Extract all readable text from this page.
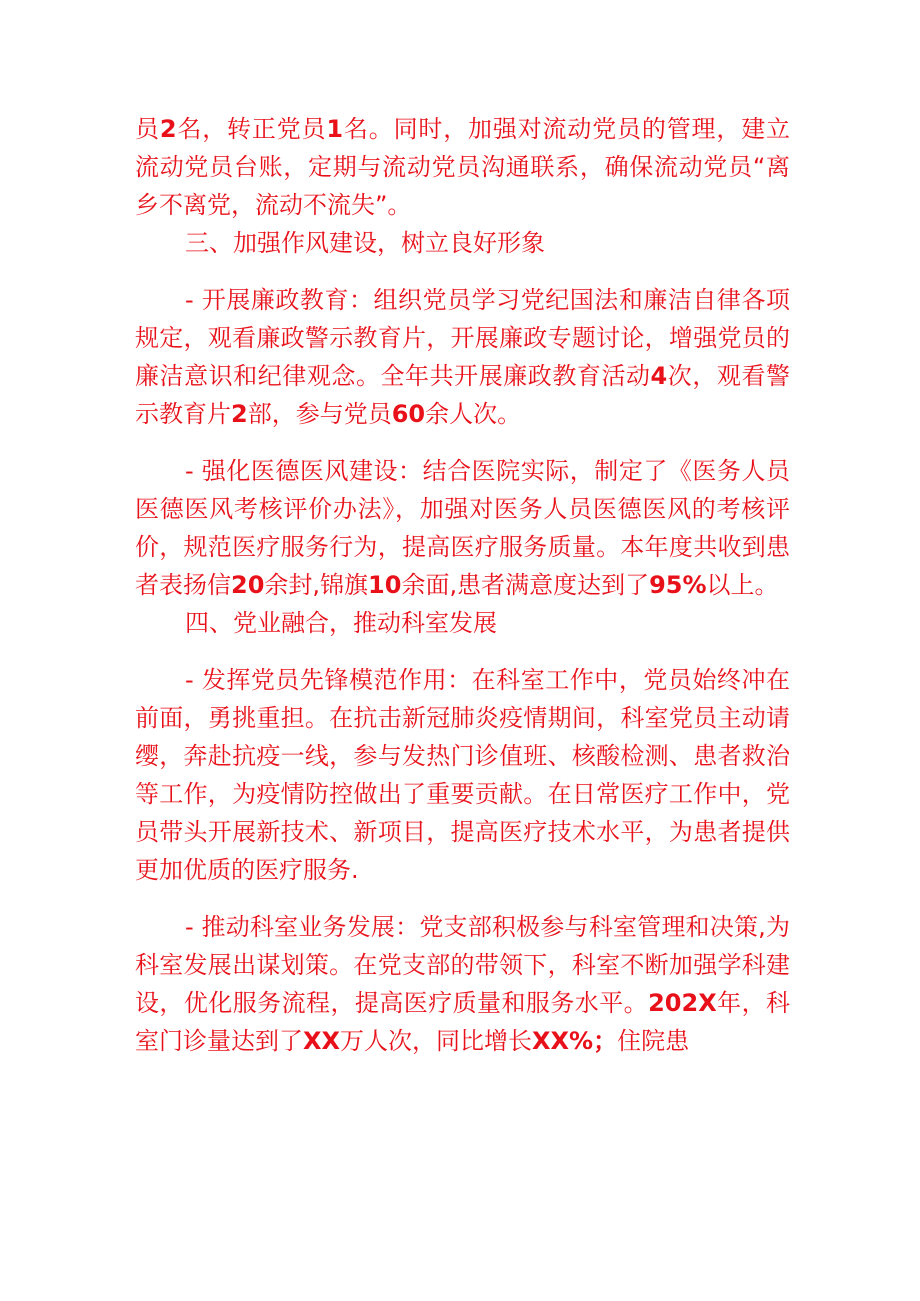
员2名，转正党员1名。同时，加强对流动党员的管理，建立流动党员台账，定期与流动党员沟通联系，确保流动党员“离乡不离党，流动不流失”。

三、加强作风建设，树立良好形象

- 开展廉政教育：组织党员学习党纪国法和廉洁自律各项规定，观看廉政警示教育片，开展廉政专题讨论，增强党员的廉洁意识和纪律观念。全年共开展廉政教育活动4次，观看警示教育片2部，参与党员60余人次。

- 强化医德医风建设：结合医院实际，制定了《医务人员医德医风考核评价办法》，加强对医务人员医德医风的考核评价，规范医疗服务行为，提高医疗服务质量。本年度共收到患者表扬信20余封,锦旗10余面,患者满意度达到了95%以上。

四、党业融合，推动科室发展

- 发挥党员先锋模范作用：在科室工作中，党员始终冲在前面，勇挑重担。在抗击新冠肺炎疫情期间，科室党员主动请缨，奔赴抗疫一线，参与发热门诊值班、核酸检测、患者救治等工作，为疫情防控做出了重要贡献。在日常医疗工作中，党员带头开展新技术、新项目，提高医疗技术水平，为患者提供更加优质的医疗服务.

- 推动科室业务发展：党支部积极参与科室管理和决策,为科室发展出谋划策。在党支部的带领下，科室不断加强学科建设，优化服务流程，提高医疗质量和服务水平。202X年，科室门诊量达到了XX万人次，同比增长XX%；住院患
